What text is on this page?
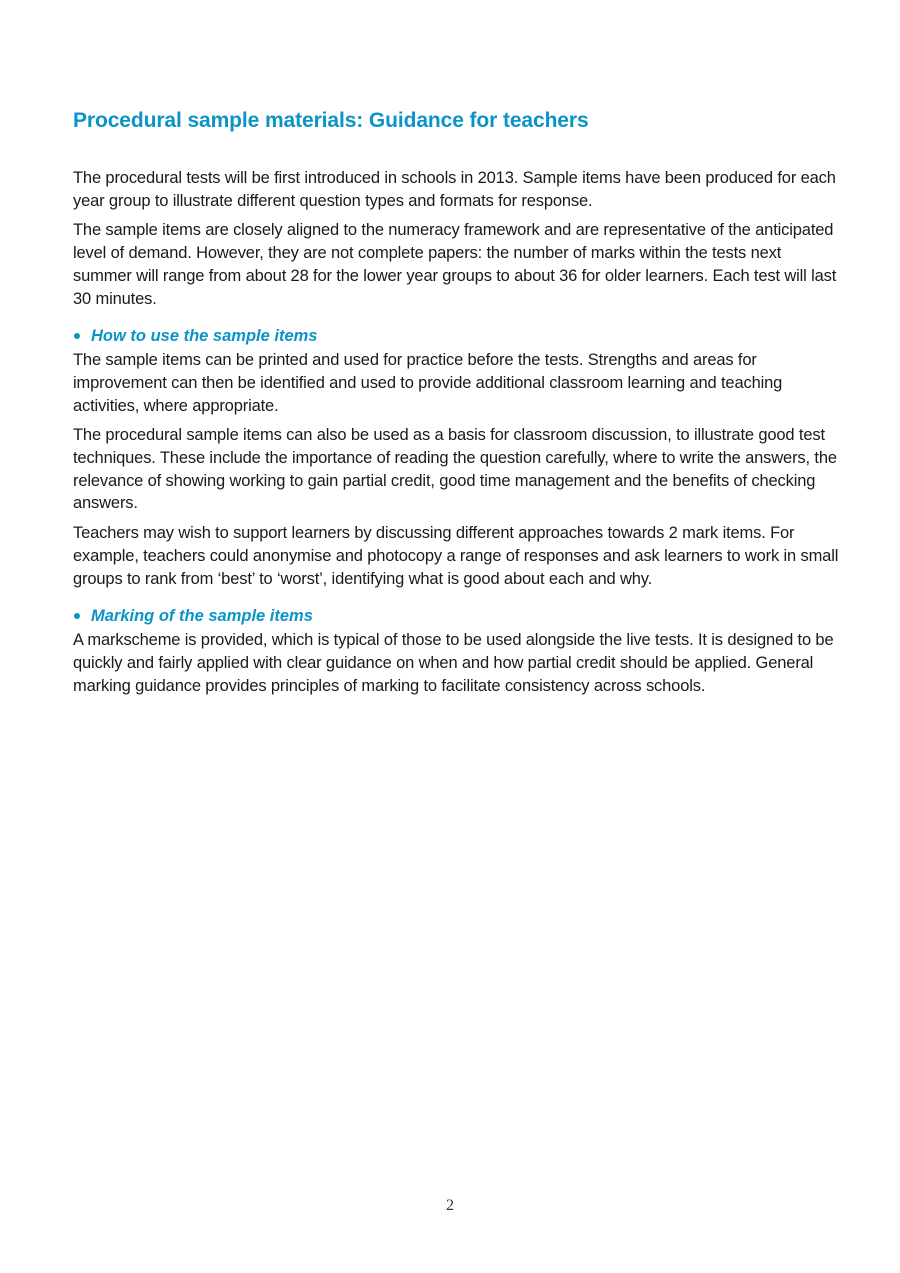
Procedural sample materials: Guidance for teachers

The procedural tests will be first introduced in schools in 2013. Sample items have been produced for each year group to illustrate different question types and formats for response.

The sample items are closely aligned to the numeracy framework and are representative of the anticipated level of demand. However, they are not complete papers: the number of marks within the tests next summer will range from about 28 for the lower year groups to about 36 for older learners. Each test will last 30 minutes.

How to use the sample items

The sample items can be printed and used for practice before the tests. Strengths and areas for improvement can then be identified and used to provide additional classroom learning and teaching activities, where appropriate.

The procedural sample items can also be used as a basis for classroom discussion, to illustrate good test techniques. These include the importance of reading the question carefully, where to write the answers, the relevance of showing working to gain partial credit, good time management and the benefits of checking answers.

Teachers may wish to support learners by discussing different approaches towards 2 mark items. For example, teachers could anonymise and photocopy a range of responses and ask learners to work in small groups to rank from ‘best’ to ‘worst’, identifying what is good about each and why.

Marking of the sample items

A markscheme is provided, which is typical of those to be used alongside the live tests. It is designed to be quickly and fairly applied with clear guidance on when and how partial credit should be applied. General marking guidance provides principles of marking to facilitate consistency across schools.

2
